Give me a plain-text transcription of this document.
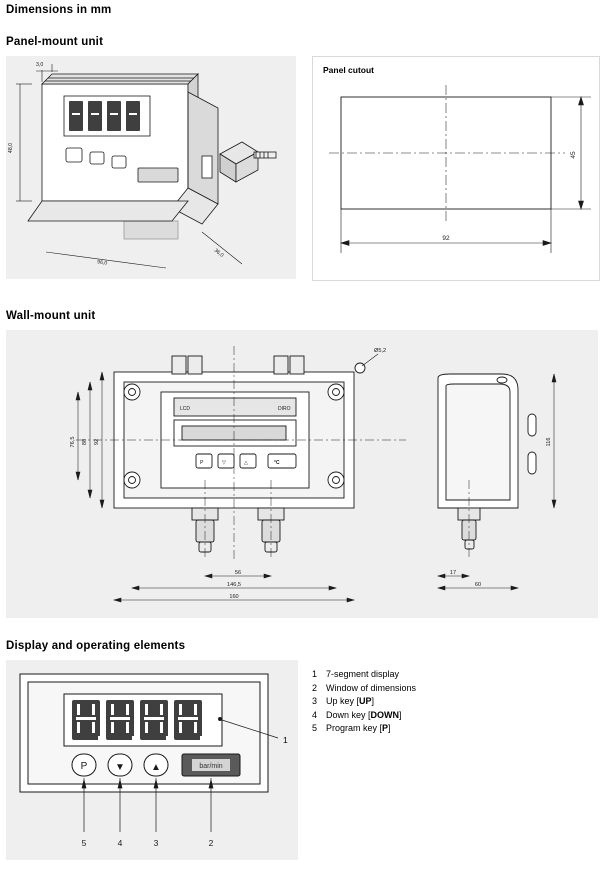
Dimensions in mm
Panel-mount unit
3,0
48,0
96,0
36,0
Panel cutout
92
45
Wall-mount unit
92
88
76,5
56
146,5
160
Ø5,2
LCD	DIRO
P	▽	△	°C
116
17
60
Display and operating elements
P	▼	▲	bar/min
5	4	3	2
1
1 7-segment display
2 Window of dimensions
3 Up key [UP]
4 Down key [DOWN]
5 Program key [P]
